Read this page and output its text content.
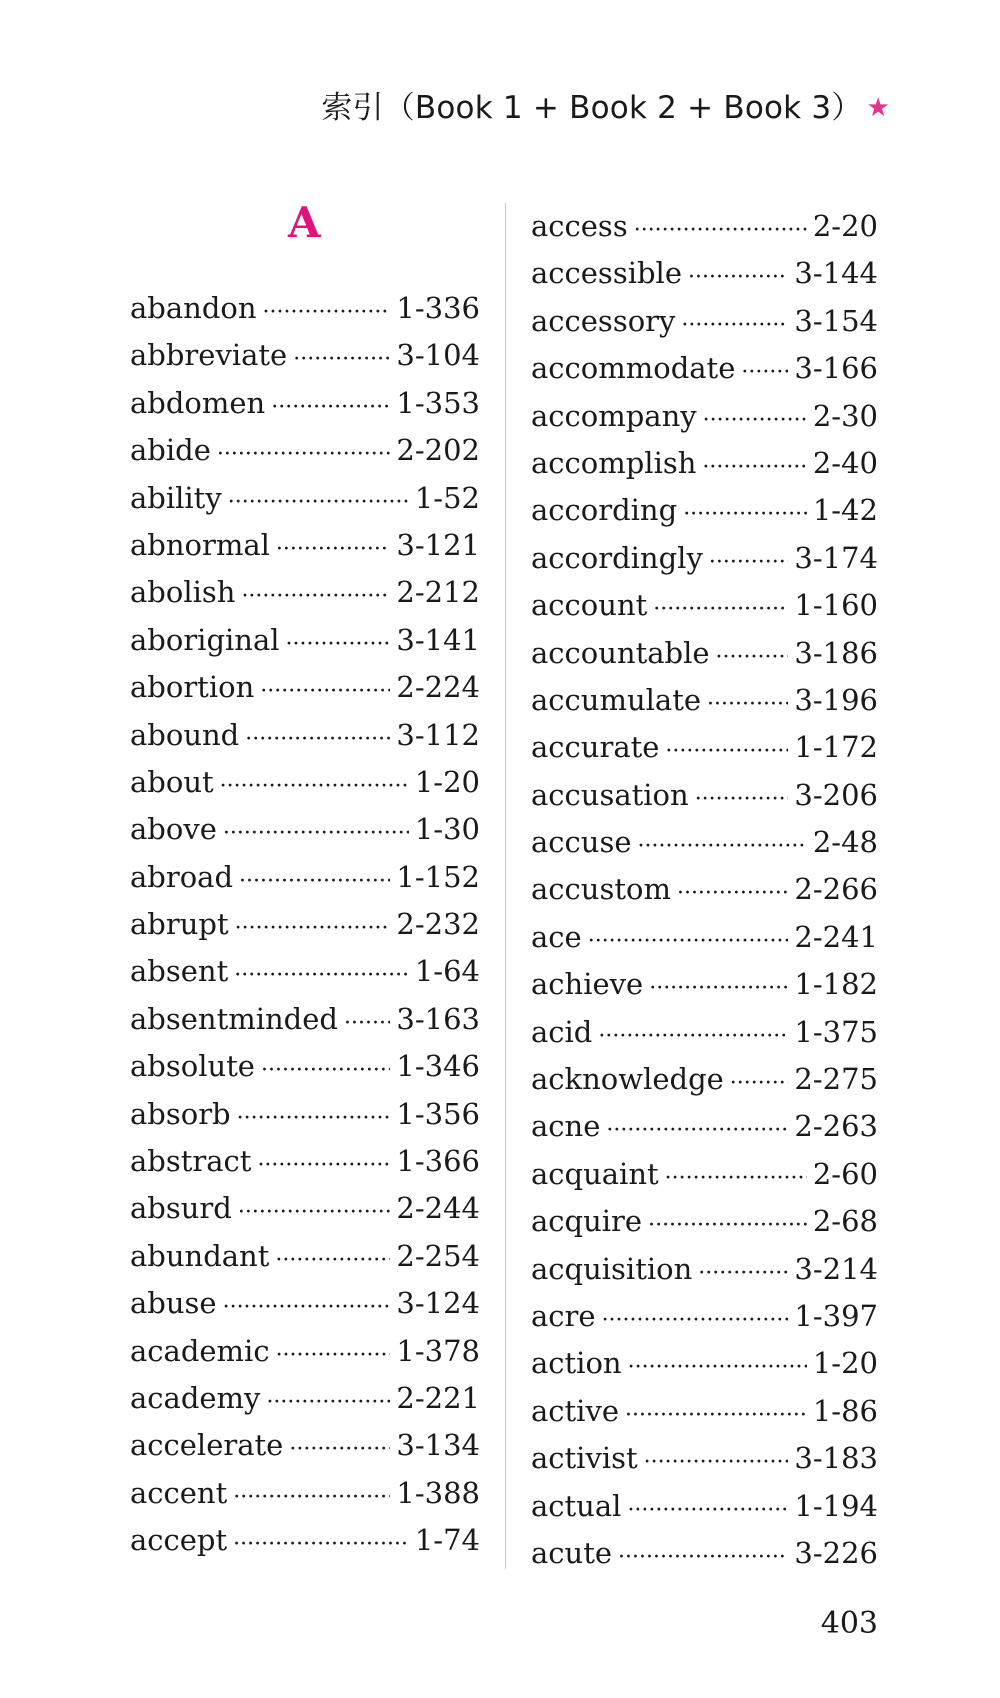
索引（Book 1 + Book 2 + Book 3） ★
A
abandon ·····	1-336
abbreviate ·····	3-104
abdomen ·····	1-353
abide ·····	2-202
ability ·····	1-52
abnormal ·····	3-121
abolish ·····	2-212
aboriginal ·····	3-141
abortion ·····	2-224
abound ·····	3-112
about ·····	1-20
above ·····	1-30
abroad ·····	1-152
abrupt ·····	2-232
absent ·····	1-64
absentminded ····· 3-163
absolute ·····	1-346
absorb ·····	1-356
abstract ·····	1-366
absurd ·····	2-244
abundant ·····	2-254
abuse ·····	3-124
academic ·····	1-378
academy ·····	2-221
accelerate ·····	3-134
accent ·····	1-388
accept ·····	1-74
access ·····	2-20
accessible ·····	3-144
accessory ·····	3-154
accommodate ····· 3-166
accompany ·····	2-30
accomplish ·····	2-40
according ·····	1-42
accordingly ·····	3-174
account ·····	1-160
accountable ·····	3-186
accumulate ·····	3-196
accurate ·····	1-172
accusation ·····	3-206
accuse ·····	2-48
accustom ·····	2-266
ace ·····	2-241
achieve ·····	1-182
acid ·····	1-375
acknowledge ····· 2-275
acne ·····	2-263
acquaint ·····	2-60
acquire ·····	2-68
acquisition ·····	3-214
acre ·····	1-397
action ·····	1-20
active ·····	1-86
activist ·····	3-183
actual ·····	1-194
acute ·····	3-226
403
